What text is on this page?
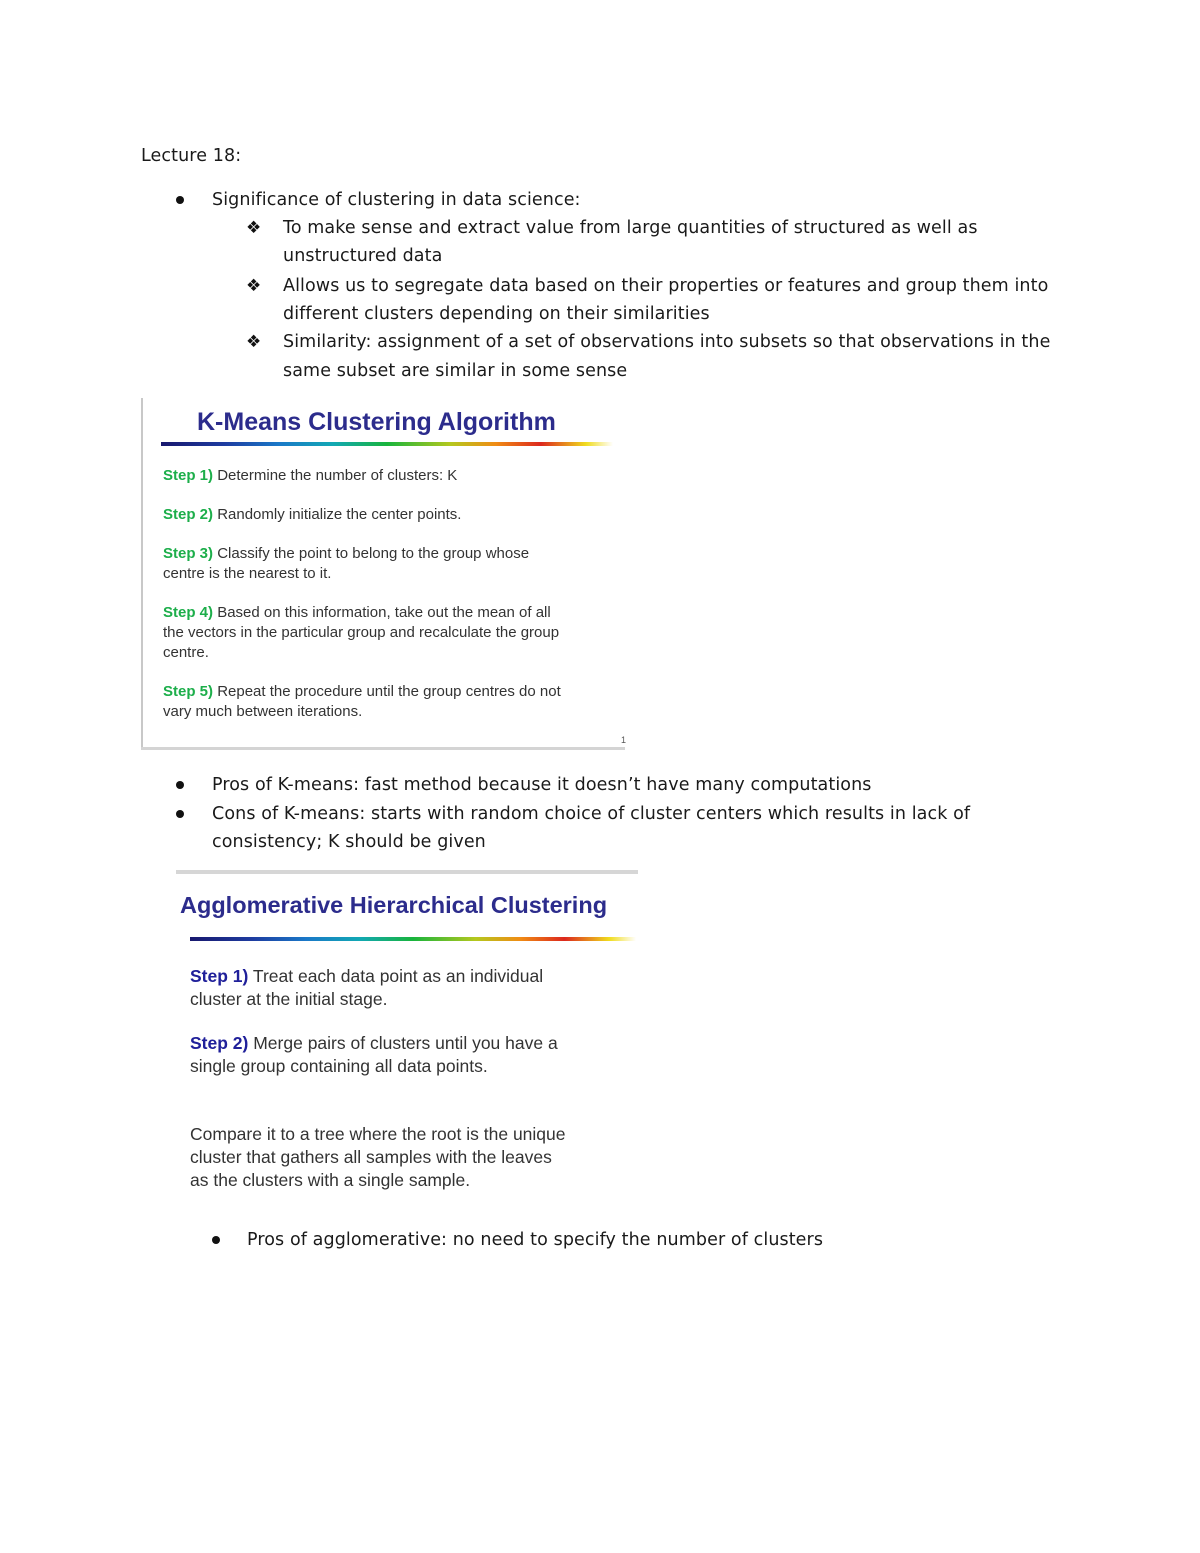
Lecture 18:
Significance of clustering in data science:
❖ To make sense and extract value from large quantities of structured as well as
unstructured data
❖ Allows us to segregate data based on their properties or features and group them into
different clusters depending on their similarities
❖ Similarity: assignment of a set of observations into subsets so that observations in the
same subset are similar in some sense
K-Means Clustering Algorithm
Step 1) Determine the number of clusters: K
Step 2) Randomly initialize the center points.
Step 3) Classify the point to belong to the group whose
centre is the nearest to it.
Step 4) Based on this information, take out the mean of all
the vectors in the particular group and recalculate the group
centre.
Step 5) Repeat the procedure until the group centres do not
vary much between iterations.
1
Pros of K-means: fast method because it doesn’t have many computations
Cons of K-means: starts with random choice of cluster centers which results in lack of
consistency; K should be given
Agglomerative Hierarchical Clustering
Step 1) Treat each data point as an individual
cluster at the initial stage.
Step 2) Merge pairs of clusters until you have a
single group containing all data points.
Compare it to a tree where the root is the unique
cluster that gathers all samples with the leaves
as the clusters with a single sample.
Pros of agglomerative: no need to specify the number of clusters
